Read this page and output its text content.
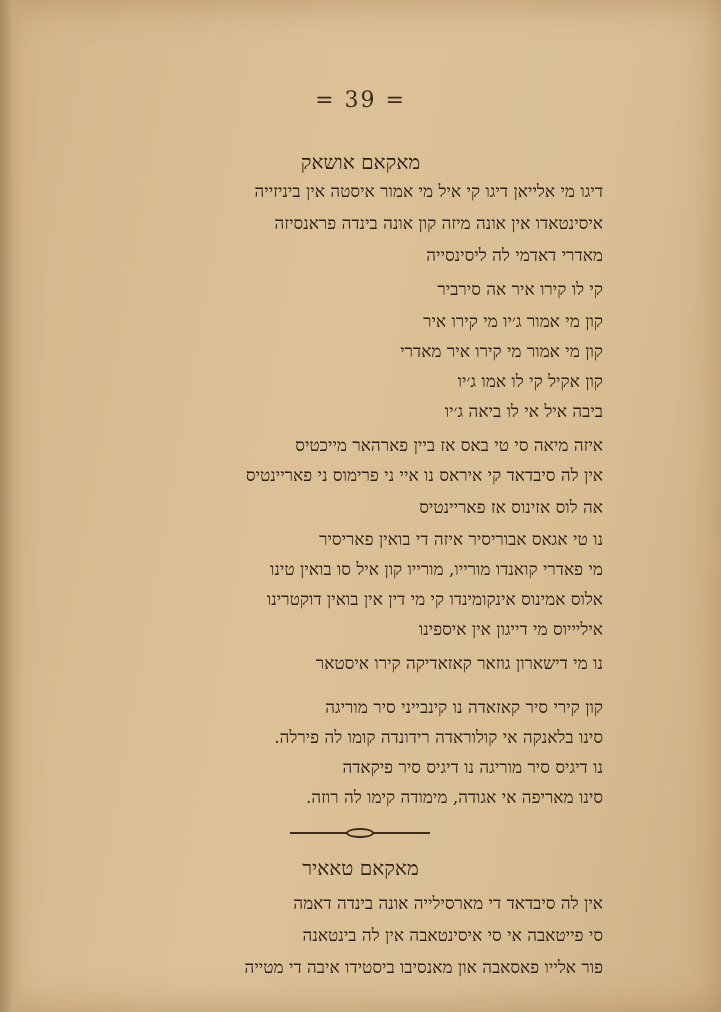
= 39 =
מאקאם אושאק
דיגו מי אלייאן דיגו קי איל מי אמור איסטה אין ביניזייה
איסינטאדו אין אונה מיזה קון אונה בינדה פראנסיזה
מאדרי דאדמי לה ליסינסייה
קי לו קירו איר אה סירביר
קון מי אמור ג׳יו מי קירו איר
קון מי אמור מי קירו איר מאדרי
קון אקיל קי לו אמו ג׳יו
ביבה איל אי לו ביאה ג׳יו
איזה מיאה סי טי באס אז ביין פארהאר מייכטיס
אין לה סיבדאד קי איראס נו איי ני פרימוס ני פאריינטיס
אה לוס אזינוס אז פאריינטיס
נו טי אגאס אבוריסיר איזה די בואין פאריסיר
מי פאדרי קואנדו מורייו, מורייו קון איל סו בואין טינו
אלוס אמינוס אינקומינדו קי מי דין אין בואין דוקטרינו
איליייוס מי דייגון אין איספינו
נו מי דישארון גוזאר קאזאדיקה קירו איסטאר
קון קירי סיר קאזאדה נו קינבייני סיר מוריגה
סינו בלאנקה אי קולוראדה רידונדה קומו לה פירלה.
נו דיגיס סיר מוריגה נו דיגיס סיר פיקאדה
סינו מאריפה אי אגודה, מימודה קימו לה רוזה.
מאקאם טאאיר
אין לה סיבדאד די מארסילייה אונה בינדה דאמה
סי פייטאבה אי סי איסינטאבה אין לה בינטאנה
פור אלייו פאסאבה און מאנסיבו ביסטידו איבה די מטייה
